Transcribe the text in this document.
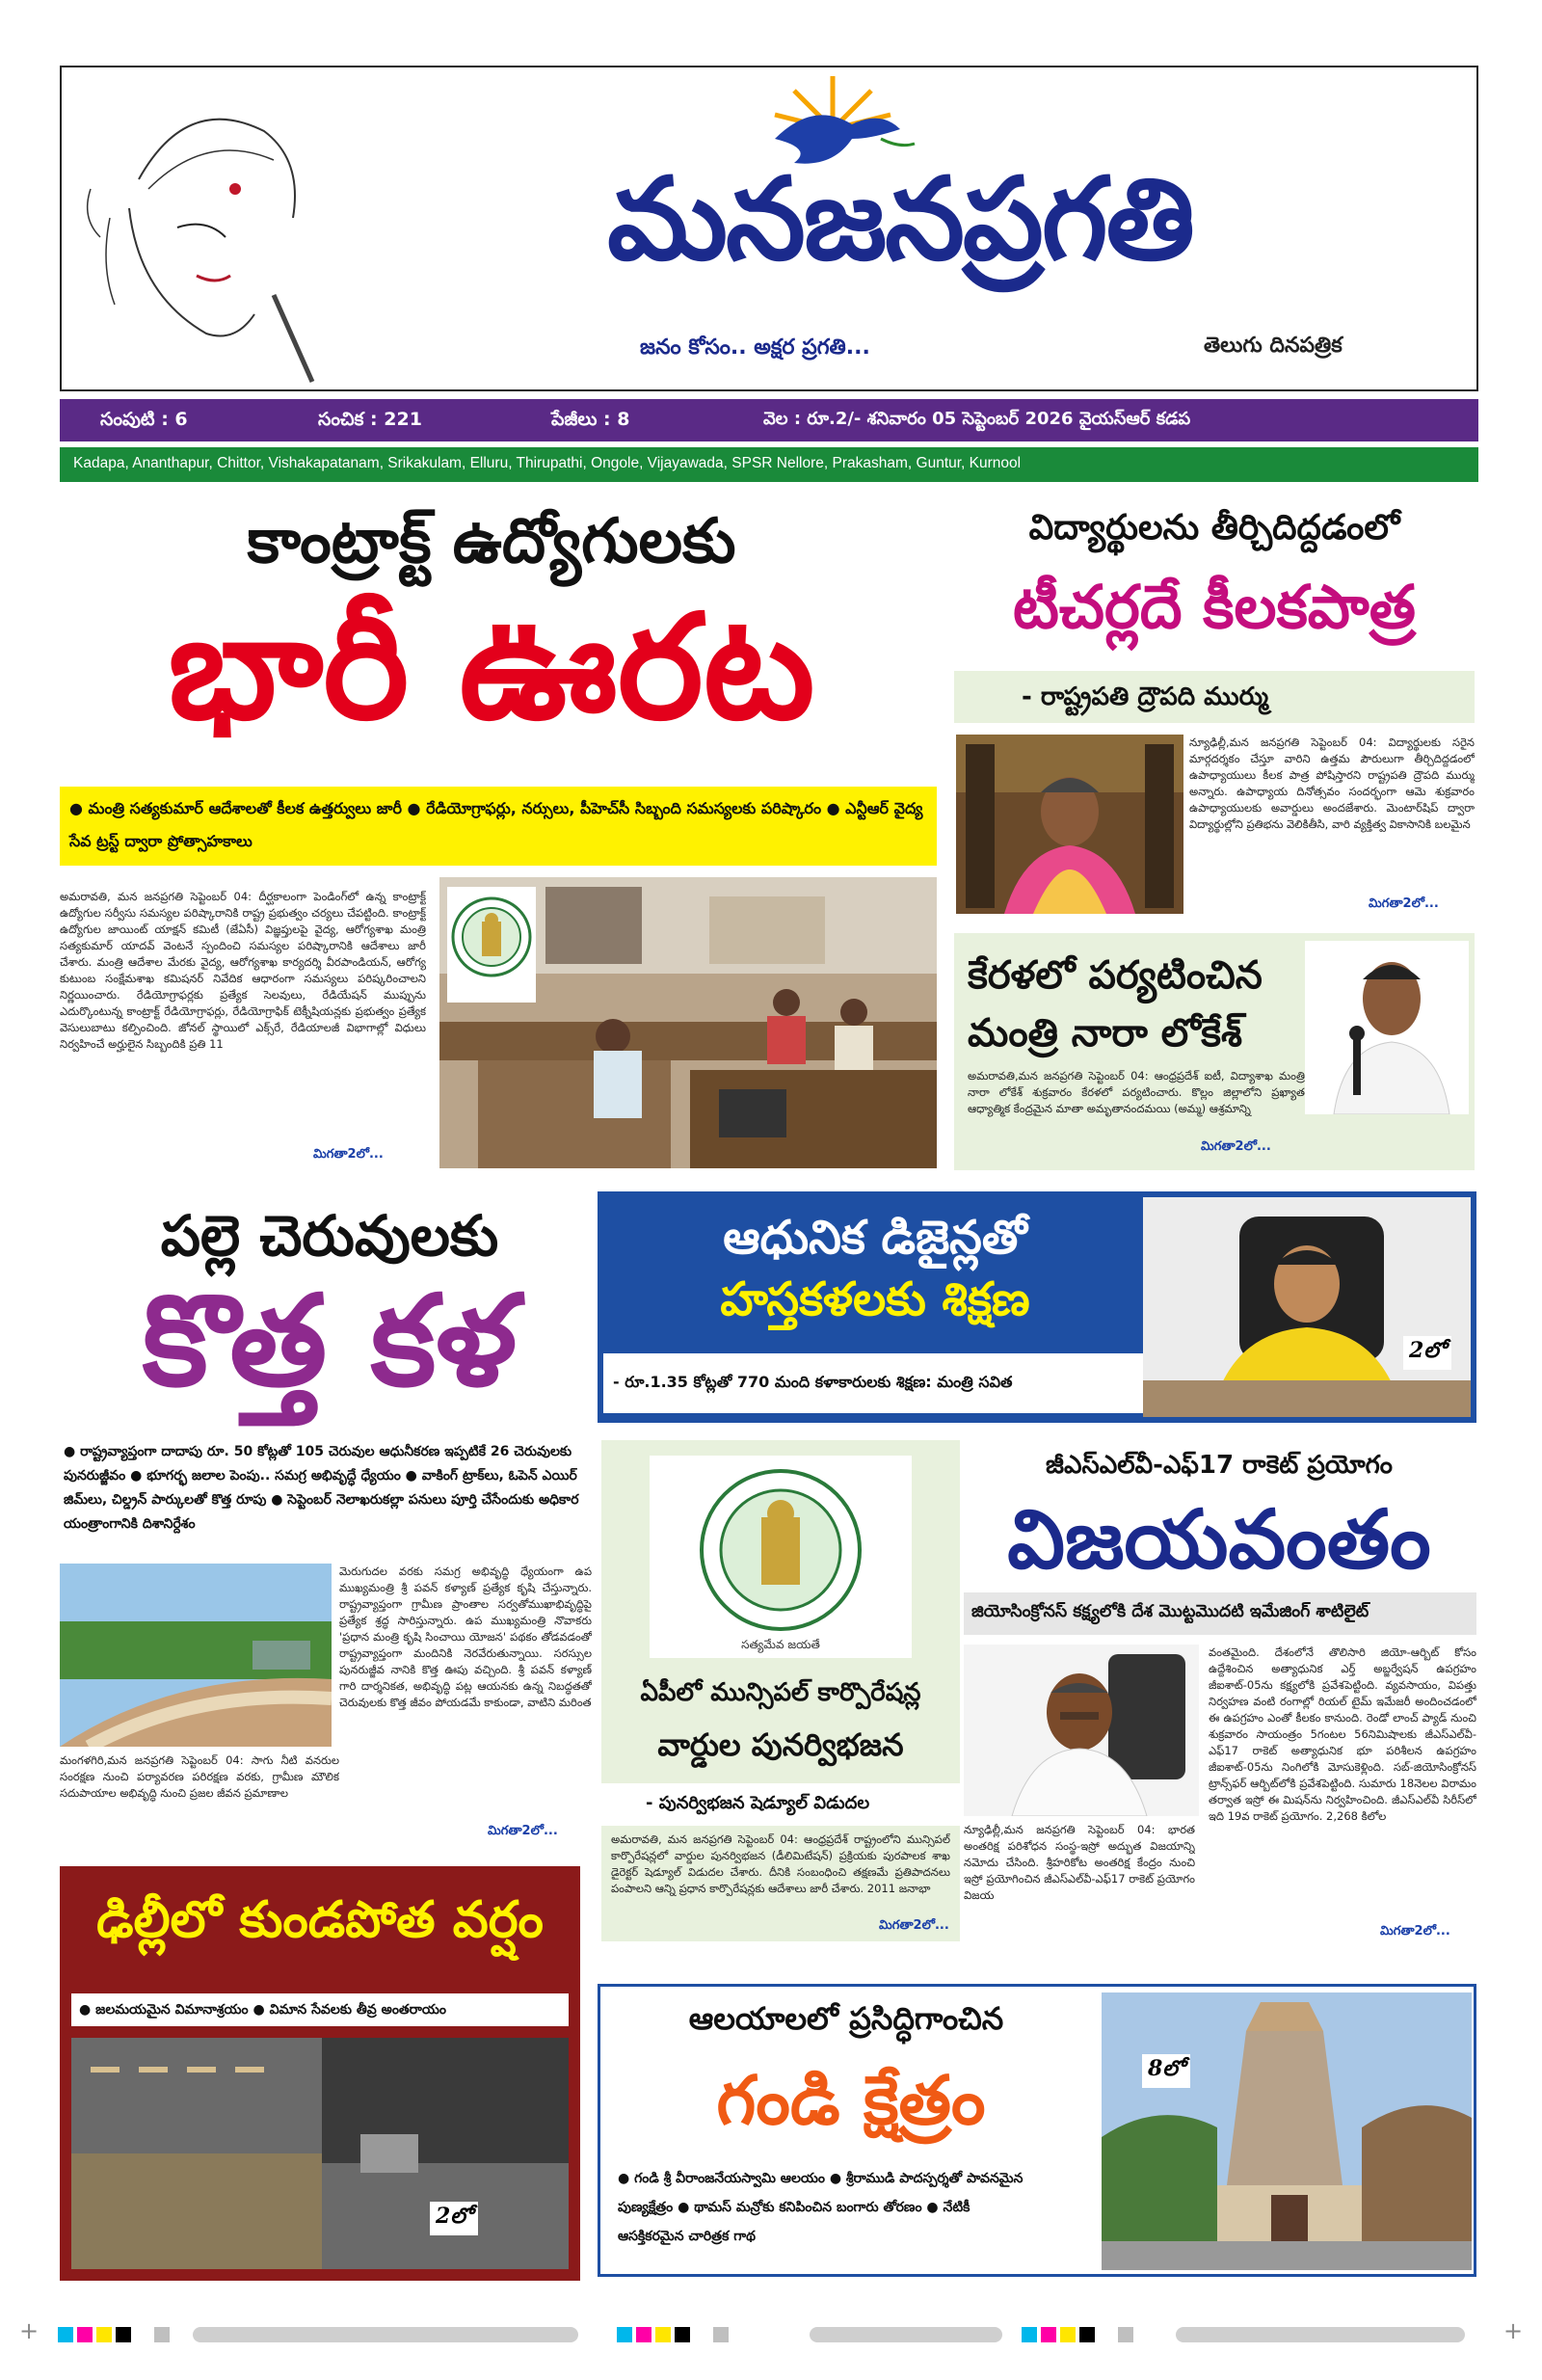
మనజనప్రగతి
జనం కోసం.. అక్షర ప్రగతి...	తెలుగు దినపత్రిక
సంపుటి : 6	సంచిక : 221	పేజీలు : 8	వెల : రూ.2/- శనివారం 05 సెప్టెంబర్ 2026 వైయస్ఆర్ కడప
Kadapa, Ananthapur, Chittor, Vishakapatanam, Srikakulam, Elluru, Thirupathi, Ongole, Vijayawada, SPSR Nellore, Prakasham, Guntur, Kurnool
కాంట్రాక్ట్ ఉద్యోగులకు
భారీ ఊరట
● మంత్రి సత్యకుమార్ ఆదేశాలతో కీలక ఉత్తర్వులు జారీ ● రేడియోగ్రాఫర్లు, నర్సులు, పీహెచ్‌సీ సిబ్బంది సమస్యలకు పరిష్కారం ● ఎన్టీఆర్ వైద్య సేవ ట్రస్ట్ ద్వారా ప్రోత్సాహకాలు
అమరావతి, మన జనప్రగతి సెప్టెంబర్ 04: దీర్ఘకాలంగా పెండింగ్‌లో ఉన్న కాంట్రాక్ట్ ఉద్యోగుల సర్వీసు సమస్యల పరిష్కారానికి రాష్ట్ర ప్రభుత్వం చర్యలు చేపట్టింది. కాంట్రాక్ట్ ఉద్యోగుల జాయింట్ యాక్షన్ కమిటీ (జేఏసీ) విజ్ఞప్తులపై వైద్య, ఆరోగ్యశాఖ మంత్రి సత్యకుమార్ యాదవ్ వెంటనే స్పందించి సమస్యల పరిష్కారానికి ఆదేశాలు జారీ చేశారు. మంత్రి ఆదేశాల మేరకు వైద్య, ఆరోగ్యశాఖ కార్యదర్శి వీరపాండియన్, ఆరోగ్య కుటుంబ సంక్షేమశాఖ కమిషనర్ నివేదిక ఆధారంగా సమస్యలు పరిష్కరించాలని నిర్ణయించారు. రేడియోగ్రాఫర్లకు ప్రత్యేక సెలవులు, రేడియేషన్ ముప్పును ఎదుర్కొంటున్న కాంట్రాక్ట్ రేడియోగ్రాఫర్లు, రేడియోగ్రాఫిక్ టెక్నీషియన్లకు ప్రభుత్వం ప్రత్యేక వెసులుబాటు కల్పించింది. జోనల్ స్థాయిలో ఎక్స్‌రే, రేడియాలజీ విభాగాల్లో విధులు నిర్వహించే అర్హులైన సిబ్బందికి ప్రతి 11
మిగతా2లో...
విద్యార్థులను తీర్చిదిద్దడంలో
టీచర్లదే కీలకపాత్ర
- రాష్ట్రపతి ద్రౌపది ముర్ము
న్యూఢిల్లీ,మన జనప్రగతి సెప్టెంబర్ 04: విద్యార్థులకు సరైన మార్గదర్శకం చేస్తూ వారిని ఉత్తమ పౌరులుగా తీర్చిదిద్దడంలో ఉపాధ్యాయులు కీలక పాత్ర పోషిస్తారని రాష్ట్రపతి ద్రౌపది ముర్ము అన్నారు. ఉపాధ్యాయ దినోత్సవం సందర్భంగా ఆమె శుక్రవారం ఉపాధ్యాయులకు అవార్డులు అందజేశారు. మెంటార్‌షిప్ ద్వారా విద్యార్థుల్లోని ప్రతిభను వెలికితీసి, వారి వ్యక్తిత్వ వికాసానికి బలమైన
మిగతా2లో...
కేరళలో పర్యటించిన మంత్రి నారా లోకేశ్
అమరావతి,మన జనప్రగతి సెప్టెంబర్ 04: ఆంధ్రప్రదేశ్ ఐటీ, విద్యాశాఖ మంత్రి నారా లోకేశ్ శుక్రవారం కేరళలో పర్యటించారు. కొల్లం జిల్లాలోని ప్రఖ్యాత ఆధ్యాత్మిక కేంద్రమైన మాతా అమృతానందమయి (అమ్మ) ఆశ్రమాన్ని
మిగతా2లో...
పల్లె చెరువులకు
కొత్త కళ
● రాష్ట్రవ్యాప్తంగా దాదాపు రూ. 50 కోట్లతో 105 చెరువుల ఆధునీకరణ ఇప్పటికే 26 చెరువులకు పునరుజ్జీవం ● భూగర్భ జలాల పెంపు.. సమగ్ర అభివృద్ధే ధ్యేయం ● వాకింగ్ ట్రాక్‌లు, ఓపెన్ ఎయిర్ జిమ్‌లు, చిల్డ్రన్ పార్కులతో కొత్త రూపు ● సెప్టెంబర్ నెలాఖరుకల్లా పనులు పూర్తి చేసేందుకు అధికార యంత్రాంగానికి దిశానిర్దేశం
మంగళగిరి,మన జనప్రగతి సెప్టెంబర్ 04: సాగు నీటి వనరుల సంరక్షణ నుంచి పర్యావరణ పరిరక్షణ వరకు, గ్రామీణ మౌలిక సదుపాయాల అభివృద్ధి నుంచి ప్రజల జీవన ప్రమాణాల
మెరుగుదల వరకు సమగ్ర అభివృద్ధి ధ్యేయంగా ఉప ముఖ్యమంత్రి శ్రీ పవన్ కళ్యాణ్ ప్రత్యేక కృషి చేస్తున్నారు. రాష్ట్రవ్యాప్తంగా గ్రామీణ ప్రాంతాల సర్వతోముఖాభివృద్ధిపై ప్రత్యేక శ్రద్ధ సారిస్తున్నారు. ఉప ముఖ్యమంత్రి నొవాకరు 'ప్రధాన మంత్రి కృషి సించాయి యోజన' పథకం తోడవడంతో రాష్ట్రవ్యాప్తంగా మందినికి నెరవేరుతున్నాయి. సరస్సుల పునరుజ్జీవ నానికి కొత్త ఊపు వచ్చింది. శ్రీ పవన్ కళ్యాణ్ గారి దార్శనికత, అభివృద్ధి పట్ల ఆయనకు ఉన్న నిబద్ధతతో చెరువులకు కొత్త జీవం పోయడమే కాకుండా, వాటిని మరింత
మిగతా2లో...
ఆధునిక డిజైన్లతో
హస్తకళలకు శిక్షణ
- రూ.1.35 కోట్లతో 770 మంది కళాకారులకు శిక్షణ: మంత్రి సవిత
2లో
సత్యమేవ జయతే
ఏపీలో మున్సిపల్ కార్పొరేషన్ల
వార్డుల పునర్విభజన
- పునర్విభజన షెడ్యూల్ విడుదల
అమరావతి, మన జనప్రగతి సెప్టెంబర్ 04: ఆంధ్రప్రదేశ్ రాష్ట్రంలోని మున్సిపల్ కార్పొరేషన్లలో వార్డుల పునర్విభజన (డీలిమిటేషన్) ప్రక్రియకు పురపాలక శాఖ డైరెక్టర్ షెడ్యూల్ విడుదల చేశారు. దీనికి సంబంధించి తక్షణమే ప్రతిపాదనలు పంపాలని ఆన్ని ప్రధాన కార్పొరేషన్లకు ఆదేశాలు జారీ చేశారు. 2011 జనాభా
మిగతా2లో...
జీఎస్ఎల్‌వీ-ఎఫ్17 రాకెట్ ప్రయోగం
విజయవంతం
జియోసింక్రోనస్ కక్ష్యలోకి దేశ మొట్టమొదటి ఇమేజింగ్ శాటిలైట్
న్యూఢిల్లీ,మన జనప్రగతి సెప్టెంబర్ 04: భారత అంతరిక్ష పరిశోధన సంస్థ-ఇస్రో అద్భుత విజయాన్ని నమోదు చేసింది. శ్రీహరికోట అంతరిక్ష కేంద్రం నుంచి ఇస్రో ప్రయోగించిన జీఎస్ఎల్‌వీ-ఎఫ్17 రాకెట్ ప్రయోగం విజయ
వంతమైంది. దేశంలోనే తొలిసారి జియో-ఆర్బిట్ కోసం ఉద్దేశించిన అత్యాధునిక ఎర్త్ అబ్జర్వేషన్ ఉపగ్రహం జీఐశాట్-05ను కక్ష్యలోకి ప్రవేశపెట్టింది. వ్యవసాయం, విపత్తు నిర్వహణ వంటి రంగాల్లో రియల్ టైమ్ ఇమేజరీ అందించడంలో ఈ ఉపగ్రహం ఎంతో కీలకం కానుంది. రెండో లాంచ్ ప్యాడ్ నుంచి శుక్రవారం సాయంత్రం 5గంటల 56నిమిషాలకు జీఎస్ఎల్‌వీ-ఎఫ్17 రాకెట్ అత్యాధునిక భూ పరిశీలన ఉపగ్రహం జీఐశాట్-05ను నింగిలోకి మోసుకెళ్లింది. సబ్-జియోసింక్రోనస్ ట్రాన్స్‌ఫర్ ఆర్బిట్‌లోకి ప్రవేశపెట్టింది. సుమారు 18నెలల విరామం తర్వాత ఇస్రో ఈ మిషన్‌ను నిర్వహించింది. జీఎస్ఎల్‌వీ సిరీస్‌లో ఇది 19వ రాకెట్ ప్రయోగం. 2,268 కిలోల
మిగతా2లో...
ఢిల్లీలో కుండపోత వర్షం
● జలమయమైన విమానాశ్రయం ● విమాన సేవలకు తీవ్ర అంతరాయం
2లో
ఆలయాలలో ప్రసిద్ధిగాంచిన
గండి క్షేత్రం
● గండి శ్రీ వీరాంజనేయస్వామి ఆలయం ● శ్రీరాముడి పాదస్పర్శతో పావనమైన పుణ్యక్షేత్రం ● థామస్ మన్రోకు కనిపించిన బంగారు తోరణం ● నేటికీ ఆసక్తికరమైన చారిత్రక గాథ
8లో
+	+
